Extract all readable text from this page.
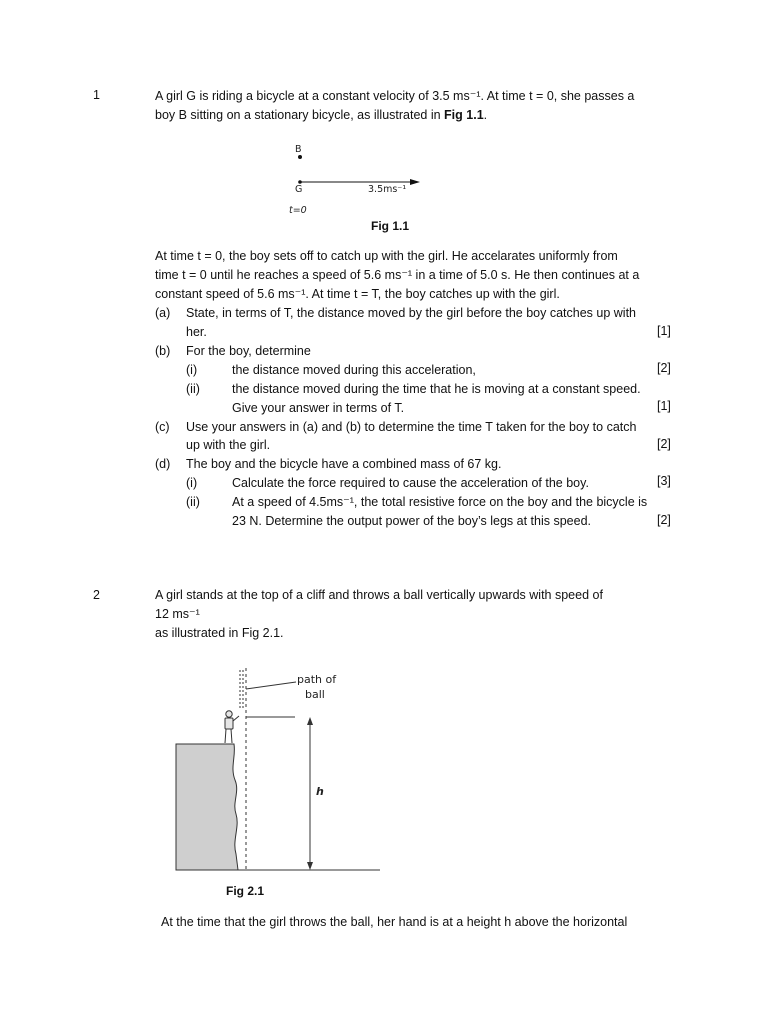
1	A girl G is riding a bicycle at a constant velocity of 3.5 ms⁻¹. At time t = 0, she passes a
boy B sitting on a stationary bicycle, as illustrated in Fig 1.1.
B
G	3.5ms⁻¹
t=0
Fig 1.1
At time t = 0, the boy sets off to catch up with the girl. He accelarates uniformly from
time t = 0 until he reaches a speed of 5.6 ms⁻¹ in a time of 5.0 s. He then continues at a
constant speed of 5.6 ms⁻¹. At time t = T, the boy catches up with the girl.
(a) State, in terms of T, the distance moved by the girl before the boy catches up with
her.	[1]
(b) For the boy, determine
(i)	the distance moved during this acceleration,	[2]
(ii)	the distance moved during the time that he is moving at a constant speed.
Give your answer in terms of T.	[1]
(c) Use your answers in (a) and (b) to determine the time T taken for the boy to catch
up with the girl.	[2]
(d) The boy and the bicycle have a combined mass of 67 kg.
(i)	Calculate the force required to cause the acceleration of the boy.	[3]
(ii)	At a speed of 4.5ms⁻¹, the total resistive force on the boy and the bicycle is
23 N. Determine the output power of the boy’s legs at this speed.	[2]
2	A girl stands at the top of a cliff and throws a ball vertically upwards with speed of
12 ms⁻¹
as illustrated in Fig 2.1.
path of
ball
h
Fig 2.1
At the time that the girl throws the ball, her hand is at a height h above the horizontal
